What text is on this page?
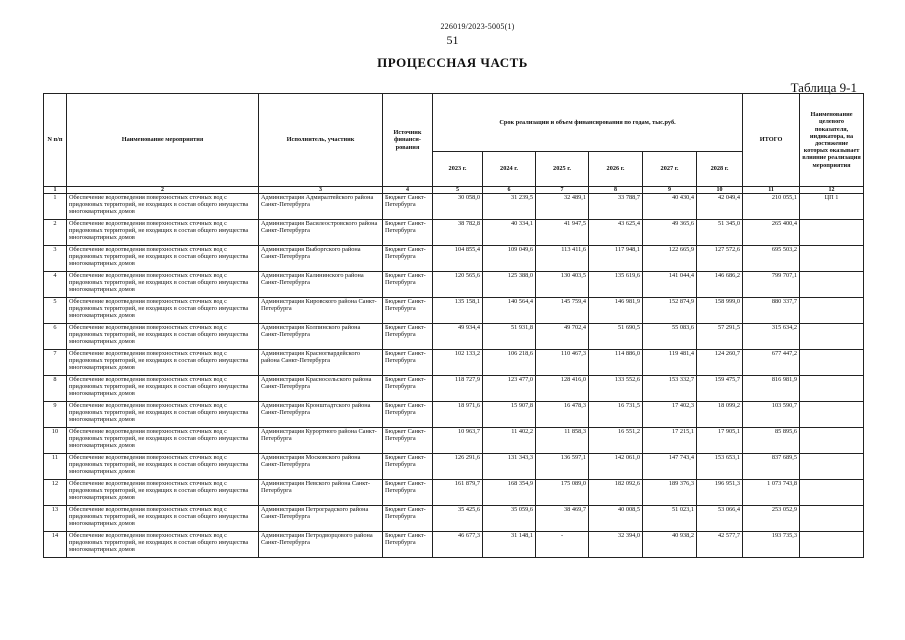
226019/2023-5005(1)
51
ПРОЦЕССНАЯ ЧАСТЬ
Таблица 9-1
N п/п	Наименование мероприятия	Исполнитель, участник	Источник финанси-рования	Срок реализации и объем финансирования по годам, тыс.руб.						ИТОГО	Наименование целевого показателя, индикатора, на достижение которых оказывает влияние реализация мероприятия
				2023 г.	2024 г.	2025 г.	2026 г.	2027 г.	2028 г.		
1	2	3	4	5	6	7	8	9	10	11	12
1	Обеспечение водоотведения поверхностных сточных вод с придомовых территорий, не входящих в состав общего имущества многоквартирных домов	Администрация Адмиралтейского района Санкт-Петербурга	Бюджет Санкт-Петербурга	30 058,0	31 239,5	32 489,1	33 788,7	40 430,4	42 049,4	210 055,1	ЦП 1
2	Обеспечение водоотведения поверхностных сточных вод с придомовых территорий, не входящих в состав общего имущества многоквартирных домов	Администрация Василеостровского района Санкт-Петербурга	Бюджет Санкт-Петербурга	38 782,8	40 334,1	41 947,5	43 625,4	49 365,6	51 345,0	265 400,4	
3	Обеспечение водоотведения поверхностных сточных вод с придомовых территорий, не входящих в состав общего имущества многоквартирных домов	Администрация Выборгского района Санкт-Петербурга	Бюджет Санкт-Петербурга	104 855,4	109 049,6	113 411,6	117 948,1	122 665,9	127 572,6	695 503,2	
4	Обеспечение водоотведения поверхностных сточных вод с придомовых территорий, не входящих в состав общего имущества многоквартирных домов	Администрация Калининского района Санкт-Петербурга	Бюджет Санкт-Петербурга	120 565,6	125 388,0	130 403,5	135 619,6	141 044,4	146 686,2	799 707,1	
5	Обеспечение водоотведения поверхностных сточных вод с придомовых территорий, не входящих в состав общего имущества многоквартирных домов	Администрация Кировского района Санкт-Петербурга	Бюджет Санкт-Петербурга	135 158,1	140 564,4	145 759,4	146 981,9	152 874,9	158 999,0	880 337,7	
6	Обеспечение водоотведения поверхностных сточных вод с придомовых территорий, не входящих в состав общего имущества многоквартирных домов	Администрация Колпинского района Санкт-Петербурга	Бюджет Санкт-Петербурга	49 934,4	51 931,8	49 702,4	51 690,5	55 083,6	57 291,5	315 634,2	
7	Обеспечение водоотведения поверхностных сточных вод с придомовых территорий, не входящих в состав общего имущества многоквартирных домов	Администрация Красногвардейского района Санкт-Петербурга	Бюджет Санкт-Петербурга	102 133,2	106 218,6	110 467,3	114 886,0	119 481,4	124 260,7	677 447,2	
8	Обеспечение водоотведения поверхностных сточных вод с придомовых территорий, не входящих в состав общего имущества многоквартирных домов	Администрация Красносельского района Санкт-Петербурга	Бюджет Санкт-Петербурга	118 727,9	123 477,0	128 416,0	133 552,6	153 332,7	159 475,7	816 981,9	
9	Обеспечение водоотведения поверхностных сточных вод с придомовых территорий, не входящих в состав общего имущества многоквартирных домов	Администрация Кронштадтского района Санкт-Петербурга	Бюджет Санкт-Петербурга	18 971,6	15 907,8	16 478,3	16 731,5	17 402,3	18 099,2	103 590,7	
10	Обеспечение водоотведения поверхностных сточных вод с придомовых территорий, не входящих в состав общего имущества многоквартирных домов	Администрация Курортного района Санкт-Петербурга	Бюджет Санкт-Петербурга	10 963,7	11 402,2	11 858,3	16 551,2	17 215,1	17 905,1	85 895,6	
11	Обеспечение водоотведения поверхностных сточных вод с придомовых территорий, не входящих в состав общего имущества многоквартирных домов	Администрация Московского района Санкт-Петербурга	Бюджет Санкт-Петербурга	126 291,6	131 343,3	136 597,1	142 061,0	147 743,4	153 653,1	837 689,5	
12	Обеспечение водоотведения поверхностных сточных вод с придомовых территорий, не входящих в состав общего имущества многоквартирных домов	Администрация Невского района Санкт-Петербурга	Бюджет Санкт-Петербурга	161 879,7	168 354,9	175 089,0	182 092,6	189 376,3	196 951,3	1 073 743,8	
13	Обеспечение водоотведения поверхностных сточных вод с придомовых территорий, не входящих в состав общего имущества многоквартирных домов	Администрация Петроградского района Санкт-Петербурга	Бюджет Санкт-Петербурга	35 425,6	35 059,6	38 469,7	40 008,5	51 023,1	53 066,4	253 052,9	
14	Обеспечение водоотведения поверхностных сточных вод с придомовых территорий, не входящих в состав общего имущества многоквартирных домов	Администрация Петродворцового района Санкт-Петербурга	Бюджет Санкт-Петербурга	46 677,3	31 148,1	-	32 394,0	40 938,2	42 577,7	193 735,3	
